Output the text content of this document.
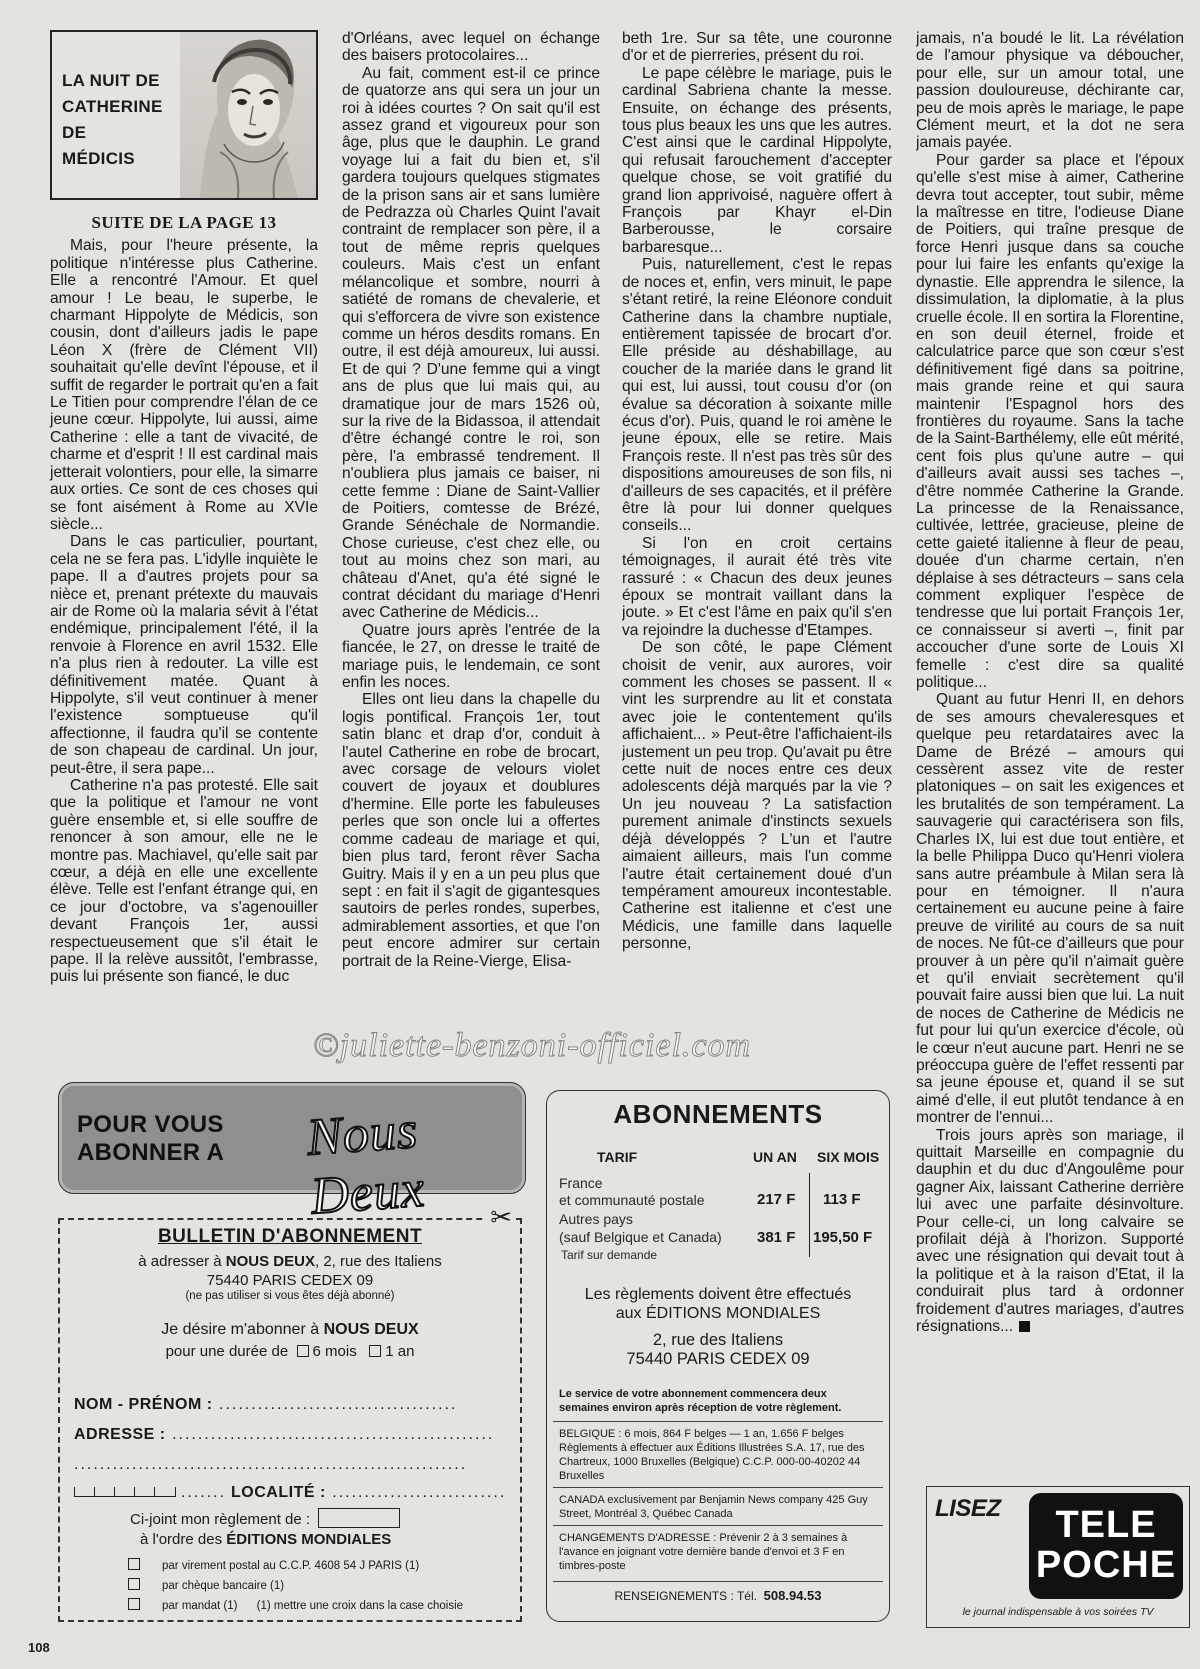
LA NUIT DE
CATHERINE
DE
MÉDICIS
SUITE DE LA PAGE 13

Mais, pour l'heure présente, la politique n'intéresse plus Catherine. Elle a rencontré l'Amour. Et quel amour ! Le beau, le superbe, le charmant Hippolyte de Médicis, son cousin, dont d'ailleurs jadis le pape Léon X (frère de Clément VII) souhaitait qu'elle devînt l'épouse, et il suffit de regarder le portrait qu'en a fait Le Titien pour comprendre l'élan de ce jeune cœur. Hippolyte, lui aussi, aime Catherine : elle a tant de vivacité, de charme et d'esprit ! Il est cardinal mais jetterait volontiers, pour elle, la simarre aux orties. Ce sont de ces choses qui se font aisément à Rome au XVIe siècle...

Dans le cas particulier, pourtant, cela ne se fera pas. L'idylle inquiète le pape. Il a d'autres projets pour sa nièce et, prenant prétexte du mauvais air de Rome où la malaria sévit à l'état endémique, principalement l'été, il la renvoie à Florence en avril 1532. Elle n'a plus rien à redouter. La ville est définitivement matée. Quant à Hippolyte, s'il veut continuer à mener l'existence somptueuse qu'il affectionne, il faudra qu'il se contente de son chapeau de cardinal. Un jour, peut-être, il sera pape...

Catherine n'a pas protesté. Elle sait que la politique et l'amour ne vont guère ensemble et, si elle souffre de renoncer à son amour, elle ne le montre pas. Machiavel, qu'elle sait par cœur, a déjà en elle une excellente élève. Telle est l'enfant étrange qui, en ce jour d'octobre, va s'agenouiller devant François 1er, aussi respectueusement que s'il était le pape. Il la relève aussitôt, l'embrasse, puis lui présente son fiancé, le duc

d'Orléans, avec lequel on échange des baisers protocolaires...

Au fait, comment est-il ce prince de quatorze ans qui sera un jour un roi à idées courtes ? On sait qu'il est assez grand et vigoureux pour son âge, plus que le dauphin. Le grand voyage lui a fait du bien et, s'il gardera toujours quelques stigmates de la prison sans air et sans lumière de Pedrazza où Charles Quint l'avait contraint de remplacer son père, il a tout de même repris quelques couleurs. Mais c'est un enfant mélancolique et sombre, nourri à satiété de romans de chevalerie, et qui s'efforcera de vivre son existence comme un héros desdits romans. En outre, il est déjà amoureux, lui aussi. Et de qui ? D'une femme qui a vingt ans de plus que lui mais qui, au dramatique jour de mars 1526 où, sur la rive de la Bidassoa, il attendait d'être échangé contre le roi, son père, l'a embrassé tendrement. Il n'oubliera plus jamais ce baiser, ni cette femme : Diane de Saint-Vallier de Poitiers, comtesse de Brézé, Grande Sénéchale de Normandie. Chose curieuse, c'est chez elle, ou tout au moins chez son mari, au château d'Anet, qu'a été signé le contrat décidant du mariage d'Henri avec Catherine de Médicis...

Quatre jours après l'entrée de la fiancée, le 27, on dresse le traité de mariage puis, le lendemain, ce sont enfin les noces.

Elles ont lieu dans la chapelle du logis pontifical. François 1er, tout satin blanc et drap d'or, conduit à l'autel Catherine en robe de brocart, avec corsage de velours violet couvert de joyaux et doublures d'hermine. Elle porte les fabuleuses perles que son oncle lui a offertes comme cadeau de mariage et qui, bien plus tard, feront rêver Sacha Guitry. Mais il y en a un peu plus que sept : en fait il s'agit de gigantesques sautoirs de perles rondes, superbes, admirablement assorties, et que l'on peut encore admirer sur certain portrait de la Reine-Vierge, Elisa-

beth 1re. Sur sa tête, une couronne d'or et de pierreries, présent du roi.

Le pape célèbre le mariage, puis le cardinal Sabriena chante la messe. Ensuite, on échange des présents, tous plus beaux les uns que les autres. C'est ainsi que le cardinal Hippolyte, qui refusait farouchement d'accepter quelque chose, se voit gratifié du grand lion apprivoisé, naguère offert à François par Khayr el-Din Barberousse, le corsaire barbaresque...

Puis, naturellement, c'est le repas de noces et, enfin, vers minuit, le pape s'étant retiré, la reine Eléonore conduit Catherine dans la chambre nuptiale, entièrement tapissée de brocart d'or. Elle préside au déshabillage, au coucher de la mariée dans le grand lit qui est, lui aussi, tout cousu d'or (on évalue sa décoration à soixante mille écus d'or). Puis, quand le roi amène le jeune époux, elle se retire. Mais François reste. Il n'est pas très sûr des dispositions amoureuses de son fils, ni d'ailleurs de ses capacités, et il préfère être là pour lui donner quelques conseils...

Si l'on en croit certains témoignages, il aurait été très vite rassuré : « Chacun des deux jeunes époux se montrait vaillant dans la joute. » Et c'est l'âme en paix qu'il s'en va rejoindre la duchesse d'Etampes.

De son côté, le pape Clément choisit de venir, aux aurores, voir comment les choses se passent. Il « vint les surprendre au lit et constata avec joie le contentement qu'ils affichaient... » Peut-être l'affichaient-ils justement un peu trop. Qu'avait pu être cette nuit de noces entre ces deux adolescents déjà marqués par la vie ? Un jeu nouveau ? La satisfaction purement animale d'instincts sexuels déjà développés ? L'un et l'autre aimaient ailleurs, mais l'un comme l'autre était certainement doué d'un tempérament amoureux incontestable. Catherine est italienne et c'est une Médicis, une famille dans laquelle personne,

jamais, n'a boudé le lit. La révélation de l'amour physique va déboucher, pour elle, sur un amour total, une passion douloureuse, déchirante car, peu de mois après le mariage, le pape Clément meurt, et la dot ne sera jamais payée.

Pour garder sa place et l'époux qu'elle s'est mise à aimer, Catherine devra tout accepter, tout subir, même la maîtresse en titre, l'odieuse Diane de Poitiers, qui traîne presque de force Henri jusque dans sa couche pour lui faire les enfants qu'exige la dynastie. Elle apprendra le silence, la dissimulation, la diplomatie, à la plus cruelle école. Il en sortira la Florentine, en son deuil éternel, froide et calculatrice parce que son cœur s'est définitivement figé dans sa poitrine, mais grande reine et qui saura maintenir l'Espagnol hors des frontières du royaume. Sans la tache de la Saint-Barthélemy, elle eût mérité, cent fois plus qu'une autre – qui d'ailleurs avait aussi ses taches –, d'être nommée Catherine la Grande. La princesse de la Renaissance, cultivée, lettrée, gracieuse, pleine de cette gaieté italienne à fleur de peau, douée d'un charme certain, n'en déplaise à ses détracteurs – sans cela comment expliquer l'espèce de tendresse que lui portait François 1er, ce connaisseur si averti –, finit par accoucher d'une sorte de Louis XI femelle : c'est dire sa qualité politique...

Quant au futur Henri II, en dehors de ses amours chevaleresques et quelque peu retardataires avec la Dame de Brézé – amours qui cessèrent assez vite de rester platoniques – on sait les exigences et les brutalités de son tempérament. La sauvagerie qui caractérisera son fils, Charles IX, lui est due tout entière, et la belle Philippa Duco qu'Henri violera sans autre préambule à Milan sera là pour en témoigner. Il n'aura certainement eu aucune peine à faire preuve de virilité au cours de sa nuit de noces. Ne fût-ce d'ailleurs que pour prouver à un père qu'il n'aimait guère et qu'il enviait secrètement qu'il pouvait faire aussi bien que lui. La nuit de noces de Catherine de Médicis ne fut pour lui qu'un exercice d'école, où le cœur n'eut aucune part. Henri ne se préoccupa guère de l'effet ressenti par sa jeune épouse et, quand il se sut aimé d'elle, il eut plutôt tendance à en montrer de l'ennui...

Trois jours après son mariage, il quittait Marseille en compagnie du dauphin et du duc d'Angoulême pour gagner Aix, laissant Catherine derrière lui avec une parfaite désinvolture. Pour celle-ci, un long calvaire se profilait déjà à l'horizon. Supporté avec une résignation qui devait tout à la politique et à la raison d'Etat, il la conduirait plus tard à ordonner froidement d'autres mariages, d'autres résignations...

©juliette-benzoni-officiel.com
POUR VOUS
ABONNER A Nous Deux	✂
BULLETIN D'ABONNEMENT
à adresser à NOUS DEUX, 2, rue des Italiens
75440 PARIS CEDEX 09
(ne pas utiliser si vous êtes déjà abonné)
Je désire m'abonner à NOUS DEUX
pour une durée de 6 mois 1 an
NOM - PRÉNOM : .....................................
ADRESSE : ..................................................
.............................................................
....... LOCALITÉ : ...........................
Ci-joint mon règlement de :
à l'ordre des ÉDITIONS MONDIALES
par virement postal au C.C.P. 4608 54 J PARIS (1)
par chèque bancaire (1)
par mandat (1) (1) mettre une croix dans la case choisie
ABONNEMENTS
TARIF	UN AN SIX MOIS
France
et communauté postale	217 F 113 F
Autres pays
(sauf Belgique et Canada) 381 F 195,50 F
Tarif sur demande
Les règlements doivent être effectués
aux ÉDITIONS MONDIALES
2, rue des Italiens
75440 PARIS CEDEX 09
Le service de votre abonnement commencera deux semaines environ après réception de votre règlement.
BELGIQUE : 6 mois, 864 F belges — 1 an, 1.656 F belges Règlements à effectuer aux Éditions Illustrées S.A. 17, rue des Chartreux, 1000 Bruxelles (Belgique) C.C.P. 000-00-40202 44 Bruxelles
CANADA exclusivement par Benjamin News company 425 Guy Street, Montréal 3, Québec Canada
CHANGEMENTS D'ADRESSE : Prévenir 2 à 3 semaines à l'avance en joignant votre dernière bande d'envoi et 3 F en timbres-poste
RENSEIGNEMENTS : Tél. 508.94.53
LISEZ	TELE
POCHE
le journal indispensable à vos soirées TV
108
